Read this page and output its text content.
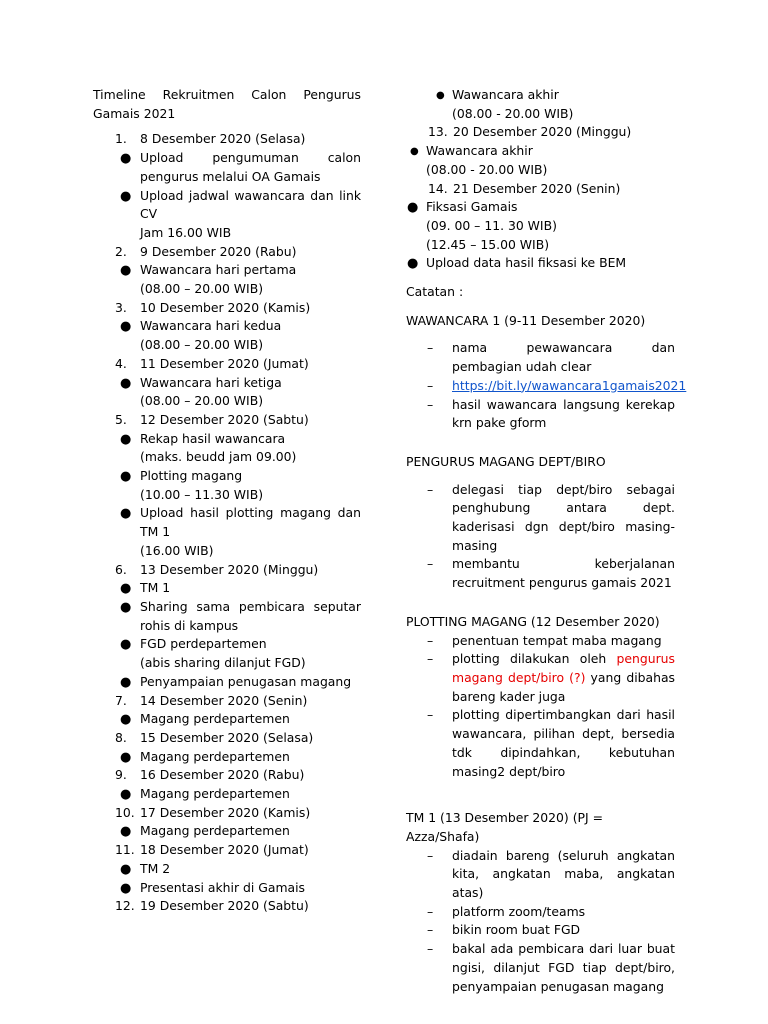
Timeline Rekruitmen Calon Pengurus Gamais 2021
1. 8 Desember 2020 (Selasa)
● Upload pengumuman calon pengurus melalui OA Gamais
● Upload jadwal wawancara dan link CV
Jam 16.00 WIB
2. 9 Desember 2020 (Rabu)
● Wawancara hari pertama
(08.00 – 20.00 WIB)
3. 10 Desember 2020 (Kamis)
● Wawancara hari kedua
(08.00 – 20.00 WIB)
4. 11 Desember 2020 (Jumat)
● Wawancara hari ketiga
(08.00 – 20.00 WIB)
5. 12 Desember 2020 (Sabtu)
● Rekap hasil wawancara
(maks. beudd jam 09.00)
● Plotting magang
(10.00 – 11.30 WIB)
● Upload hasil plotting magang dan TM 1
(16.00 WIB)
6. 13 Desember 2020 (Minggu)
● TM 1
● Sharing sama pembicara seputar rohis di kampus
● FGD perdepartemen
(abis sharing dilanjut FGD)
● Penyampaian penugasan magang
7. 14 Desember 2020 (Senin)
● Magang perdepartemen
8. 15 Desember 2020 (Selasa)
● Magang perdepartemen
9. 16 Desember 2020 (Rabu)
● Magang perdepartemen
10. 17 Desember 2020 (Kamis)
● Magang perdepartemen
11. 18 Desember 2020 (Jumat)
● TM 2
● Presentasi akhir di Gamais
12. 19 Desember 2020 (Sabtu)
● Wawancara akhir
(08.00 - 20.00 WIB)
13. 20 Desember 2020 (Minggu)
● Wawancara akhir
(08.00 - 20.00 WIB)
14. 21 Desember 2020 (Senin)
● Fiksasi Gamais
(09. 00 – 11. 30 WIB)
(12.45 – 15.00 WIB)
● Upload data hasil fiksasi ke BEM
Catatan :
WAWANCARA 1 (9-11 Desember 2020)
– nama pewawancara dan pembagian udah clear
– https://bit.ly/wawancara1gamais2021
– hasil wawancara langsung kerekap krn pake gform
PENGURUS MAGANG DEPT/BIRO
– delegasi tiap dept/biro sebagai penghubung antara dept. kaderisasi dgn dept/biro masing-masing
– membantu keberjalanan recruitment pengurus gamais 2021
PLOTTING MAGANG (12 Desember 2020)
– penentuan tempat maba magang
– plotting dilakukan oleh pengurus magang dept/biro (?) yang dibahas bareng kader juga
– plotting dipertimbangkan dari hasil wawancara, pilihan dept, bersedia tdk dipindahkan, kebutuhan masing2 dept/biro
TM 1 (13 Desember 2020) (PJ = Azza/Shafa)
– diadain bareng (seluruh angkatan kita, angkatan maba, angkatan atas)
– platform zoom/teams
– bikin room buat FGD
– bakal ada pembicara dari luar buat ngisi, dilanjut FGD tiap dept/biro, penyampaian penugasan magang
